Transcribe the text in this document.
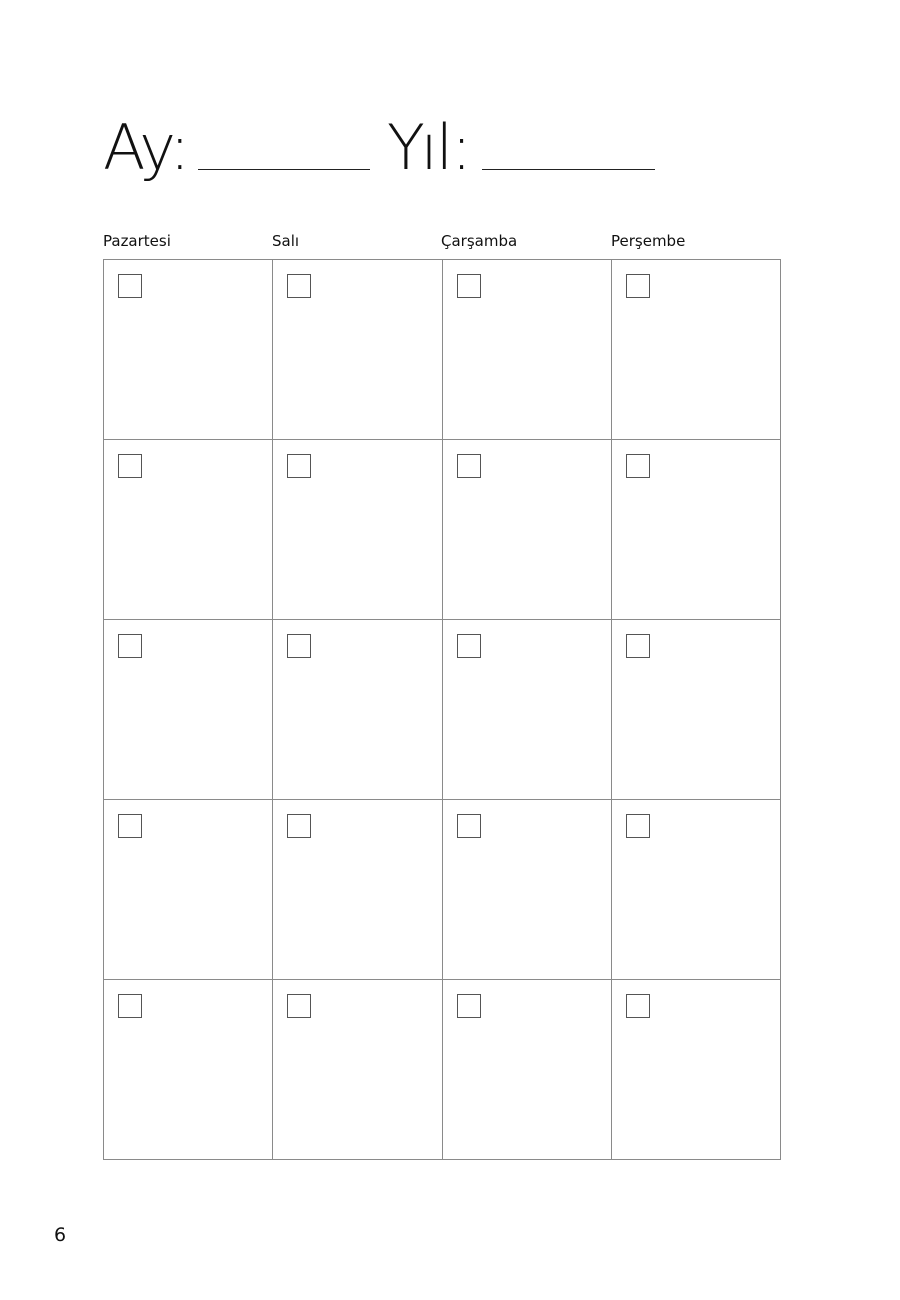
Ay:	Yıl:
Pazartesi	Salı	Çarşamba	Perşembe
6
